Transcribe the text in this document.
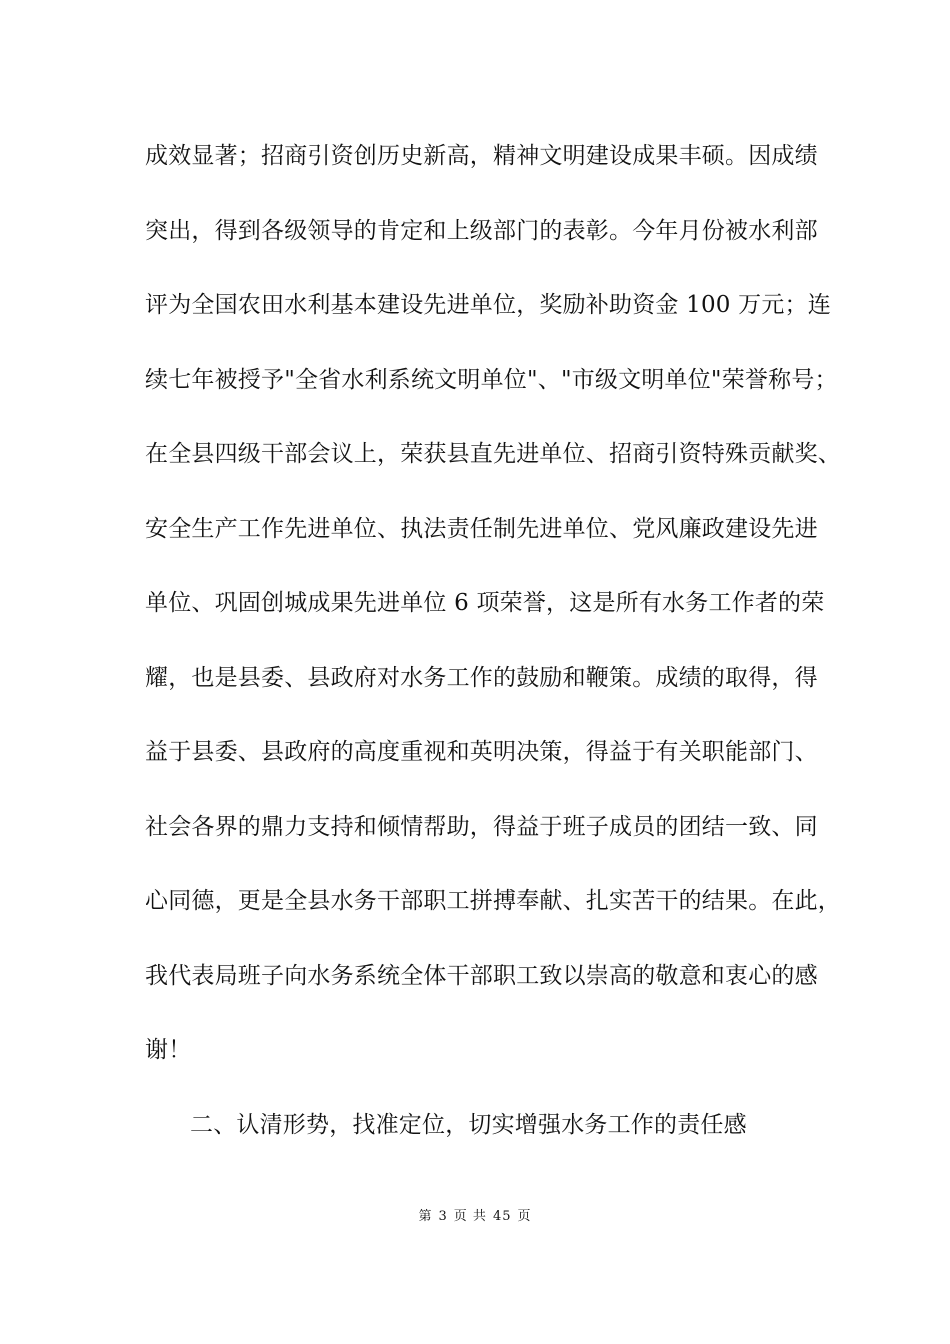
成效显著；招商引资创历史新高，精神文明建设成果丰硕。因成绩
突出，得到各级领导的肯定和上级部门的表彰。今年月份被水利部
评为全国农田水利基本建设先进单位，奖励补助资金 100 万元；连
续七年被授予"全省水利系统文明单位"、"市级文明单位"荣誉称号；
在全县四级干部会议上，荣获县直先进单位、招商引资特殊贡献奖、
安全生产工作先进单位、执法责任制先进单位、党风廉政建设先进
单位、巩固创城成果先进单位 6 项荣誉，这是所有水务工作者的荣
耀，也是县委、县政府对水务工作的鼓励和鞭策。成绩的取得，得
益于县委、县政府的高度重视和英明决策，得益于有关职能部门、
社会各界的鼎力支持和倾情帮助，得益于班子成员的团结一致、同
心同德，更是全县水务干部职工拼搏奉献、扎实苦干的结果。在此，
我代表局班子向水务系统全体干部职工致以崇高的敬意和衷心的感
谢！
二、认清形势，找准定位，切实增强水务工作的责任感
第 3 页 共 45 页
